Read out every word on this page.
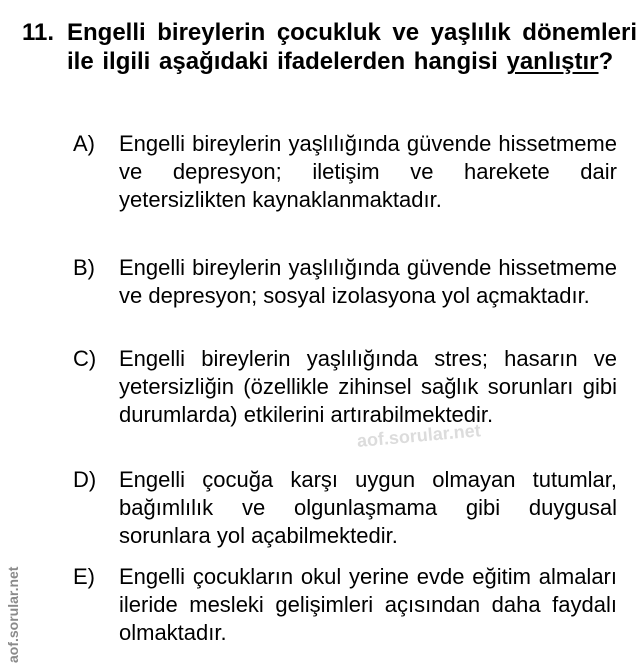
11. Engelli bireylerin çocukluk ve yaşlılık dönemleri ile ilgili aşağıdaki ifadelerden hangisi yanlıştır?
A) Engelli bireylerin yaşlılığında güvende hissetmeme ve depresyon; iletişim ve harekete dair yetersizlikten kaynaklanmaktadır.
B) Engelli bireylerin yaşlılığında güvende hissetmeme ve depresyon; sosyal izolasyona yol açmaktadır.
C) Engelli bireylerin yaşlılığında stres; hasarın ve yetersizliğin (özellikle zihinsel sağlık sorunları gibi durumlarda) etkilerini artırabilmektedir.
D) Engelli çocuğa karşı uygun olmayan tutumlar, bağımlılık ve olgunlaşmama gibi duygusal sorunlara yol açabilmektedir.
E) Engelli çocukların okul yerine evde eğitim almaları ileride mesleki gelişimleri açısından daha faydalı olmaktadır.
aof.sorular.net
aof.sorular.net
